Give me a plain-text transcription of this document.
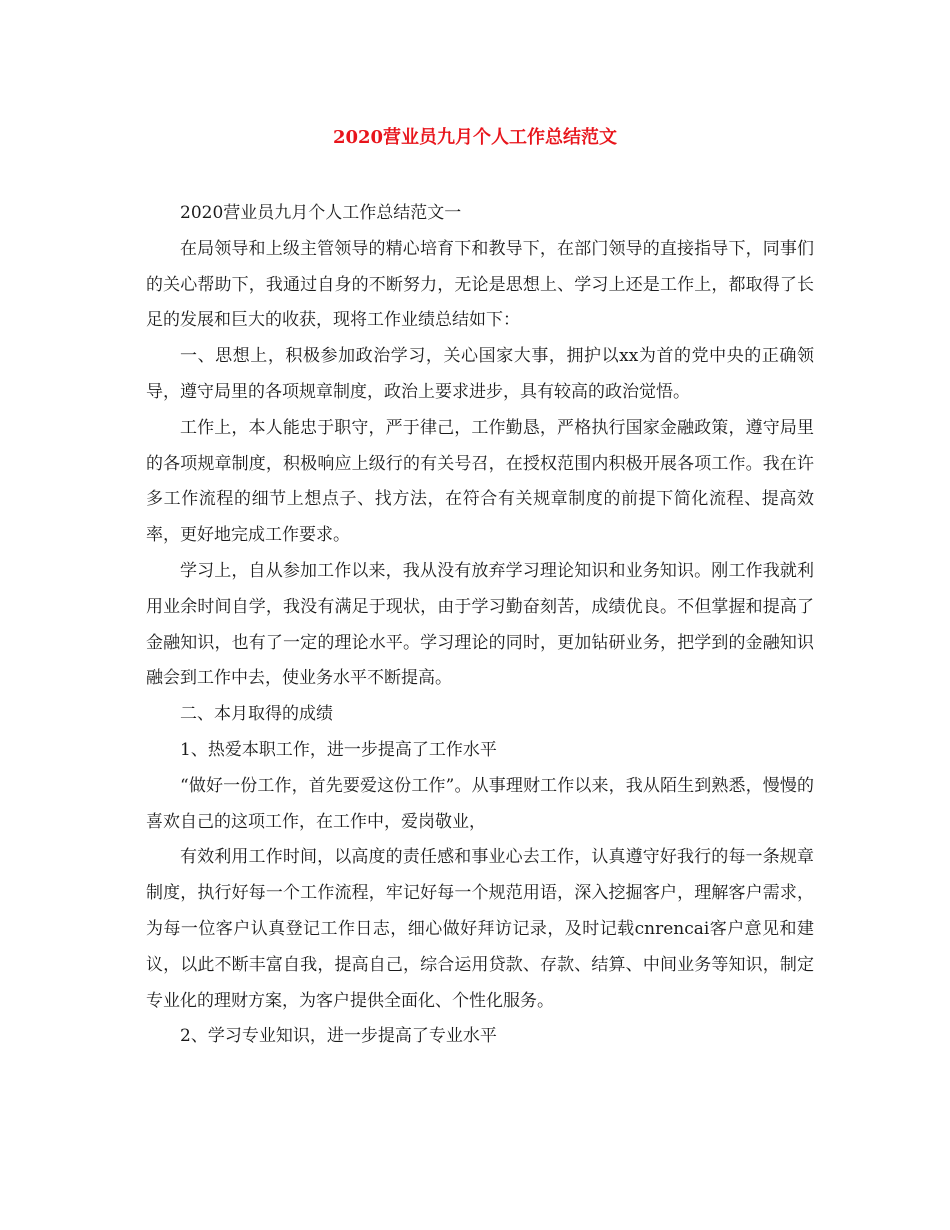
2020营业员九月个人工作总结范文

2020营业员九月个人工作总结范文一

在局领导和上级主管领导的精心培育下和教导下，在部门领导的直接指导下，同事们的关心帮助下，我通过自身的不断努力，无论是思想上、学习上还是工作上，都取得了长足的发展和巨大的收获，现将工作业绩总结如下：

一、思想上，积极参加政治学习，关心国家大事，拥护以xx为首的党中央的正确领导，遵守局里的各项规章制度，政治上要求进步，具有较高的政治觉悟。

工作上，本人能忠于职守，严于律己，工作勤恳，严格执行国家金融政策，遵守局里的各项规章制度，积极响应上级行的有关号召，在授权范围内积极开展各项工作。我在许多工作流程的细节上想点子、找方法，在符合有关规章制度的前提下简化流程、提高效率，更好地完成工作要求。

学习上，自从参加工作以来，我从没有放弃学习理论知识和业务知识。刚工作我就利用业余时间自学，我没有满足于现状，由于学习勤奋刻苦，成绩优良。不但掌握和提高了金融知识，也有了一定的理论水平。学习理论的同时，更加钻研业务，把学到的金融知识融会到工作中去，使业务水平不断提高。

二、本月取得的成绩

1、热爱本职工作，进一步提高了工作水平

“做好一份工作，首先要爱这份工作”。从事理财工作以来，我从陌生到熟悉，慢慢的喜欢自己的这项工作，在工作中，爱岗敬业，

有效利用工作时间，以高度的责任感和事业心去工作，认真遵守好我行的每一条规章制度，执行好每一个工作流程，牢记好每一个规范用语，深入挖掘客户，理解客户需求，为每一位客户认真登记工作日志，细心做好拜访记录，及时记载cnrencai客户意见和建议，以此不断丰富自我，提高自己，综合运用贷款、存款、结算、中间业务等知识，制定专业化的理财方案，为客户提供全面化、个性化服务。

2、学习专业知识，进一步提高了专业水平
